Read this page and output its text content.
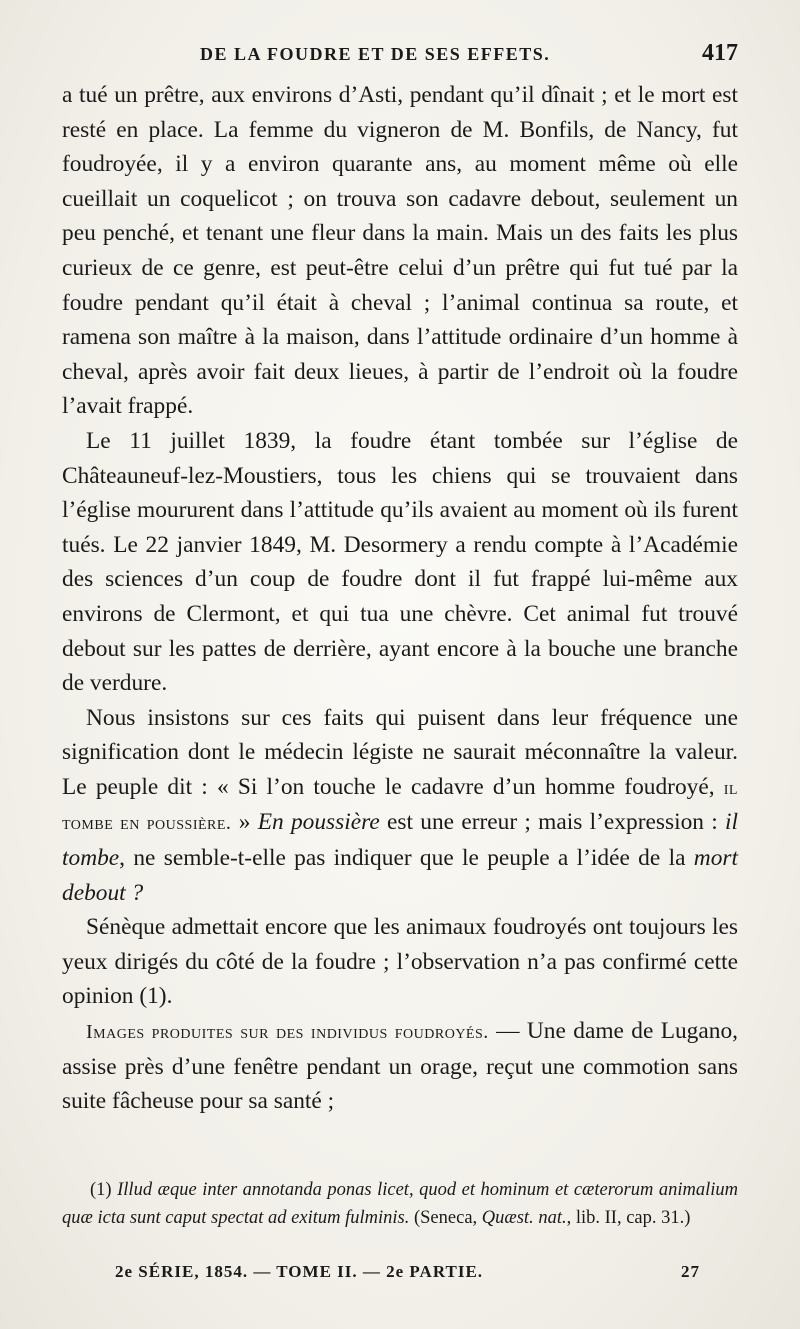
DE LA FOUDRE ET DE SES EFFETS.	417

a tué un prêtre, aux environs d’Asti, pendant qu’il dînait ; et le mort est resté en place. La femme du vigneron de M. Bonfils, de Nancy, fut foudroyée, il y a environ quarante ans, au moment même où elle cueillait un coquelicot ; on trouva son cadavre debout, seulement un peu penché, et tenant une fleur dans la main. Mais un des faits les plus curieux de ce genre, est peut-être celui d’un prêtre qui fut tué par la foudre pendant qu’il était à cheval ; l’animal continua sa route, et ramena son maître à la maison, dans l’attitude ordinaire d’un homme à cheval, après avoir fait deux lieues, à partir de l’endroit où la foudre l’avait frappé.

Le 11 juillet 1839, la foudre étant tombée sur l’église de Châteauneuf-lez-Moustiers, tous les chiens qui se trouvaient dans l’église moururent dans l’attitude qu’ils avaient au moment où ils furent tués. Le 22 janvier 1849, M. Desormery a rendu compte à l’Académie des sciences d’un coup de foudre dont il fut frappé lui-même aux environs de Clermont, et qui tua une chèvre. Cet animal fut trouvé debout sur les pattes de derrière, ayant encore à la bouche une branche de verdure.

Nous insistons sur ces faits qui puisent dans leur fréquence une signification dont le médecin légiste ne saurait méconnaître la valeur. Le peuple dit : « Si l’on touche le cadavre d’un homme foudroyé, il tombe en poussière. » En poussière est une erreur ; mais l’expression : il tombe, ne semble-t-elle pas indiquer que le peuple a l’idée de la mort debout ?

Sénèque admettait encore que les animaux foudroyés ont toujours les yeux dirigés du côté de la foudre ; l’observation n’a pas confirmé cette opinion (1).

Images produites sur des individus foudroyés. — Une dame de Lugano, assise près d’une fenêtre pendant un orage, reçut une commotion sans suite fâcheuse pour sa santé ;

(1) Illud æque inter annotanda ponas licet, quod et hominum et cæterorum animalium quæ icta sunt caput spectat ad exitum fulminis. (Seneca, Quæst. nat., lib. II, cap. 31.)

2e SÉRIE, 1854. — TOME II. — 2e PARTIE.	27
